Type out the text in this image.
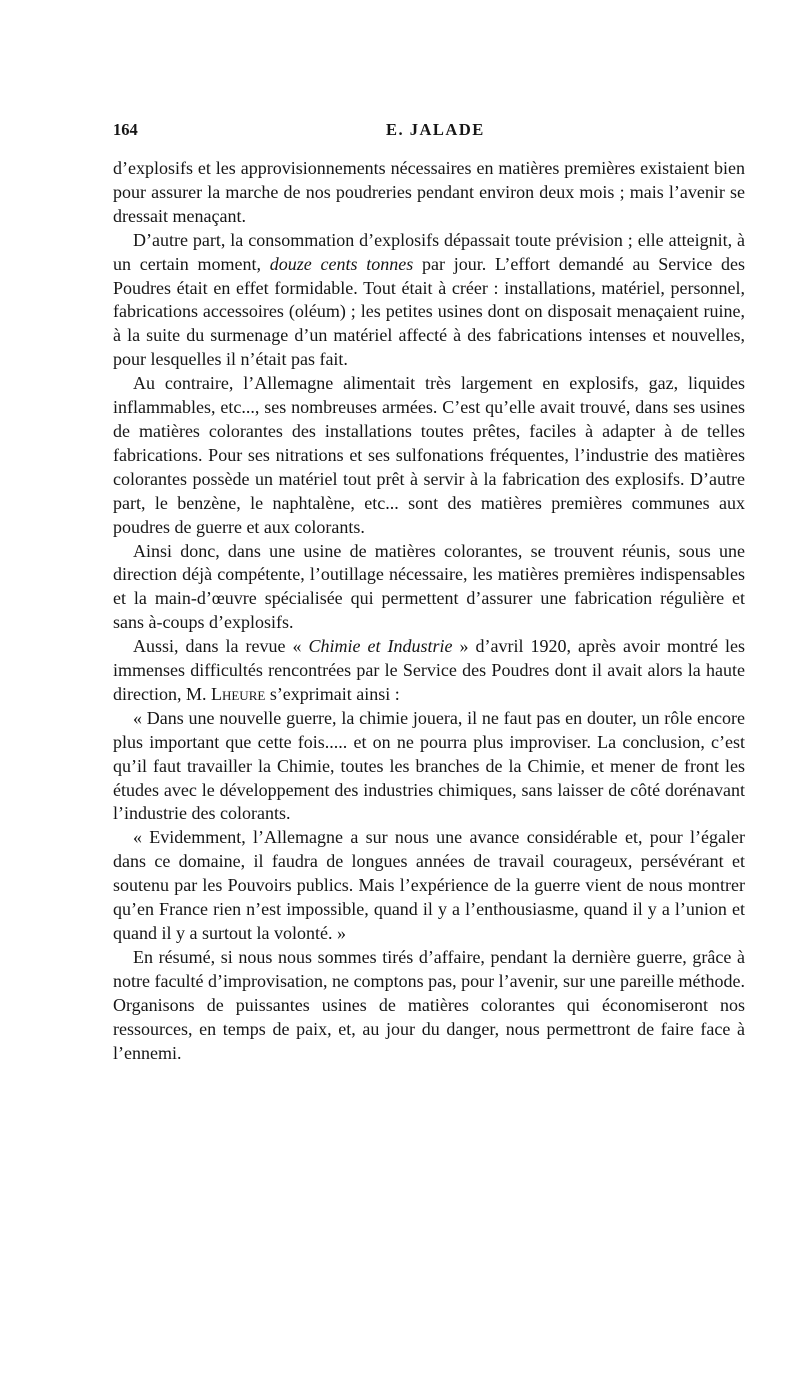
164	E. JALADE

d’explosifs et les approvisionnements nécessaires en matières premières existaient bien pour assurer la marche de nos poudreries pendant environ deux mois ; mais l’avenir se dressait menaçant.

D’autre part, la consommation d’explosifs dépassait toute prévision ; elle atteignit, à un certain moment, douze cents tonnes par jour. L’effort demandé au Service des Poudres était en effet formidable. Tout était à créer : installations, matériel, personnel, fabrications accessoires (oléum) ; les petites usines dont on disposait menaçaient ruine, à la suite du surmenage d’un matériel affecté à des fabrications intenses et nouvelles, pour lesquelles il n’était pas fait.

Au contraire, l’Allemagne alimentait très largement en explosifs, gaz, liquides inflammables, etc..., ses nombreuses armées. C’est qu’elle avait trouvé, dans ses usines de matières colorantes des installations toutes prêtes, faciles à adapter à de telles fabrications. Pour ses nitrations et ses sulfonations fréquentes, l’industrie des matières colorantes possède un matériel tout prêt à servir à la fabrication des explosifs. D’autre part, le benzène, le naphtalène, etc... sont des matières premières communes aux poudres de guerre et aux colorants.

Ainsi donc, dans une usine de matières colorantes, se trouvent réunis, sous une direction déjà compétente, l’outillage nécessaire, les matières premières indispensables et la main-d’œuvre spécialisée qui permettent d’assurer une fabrication régulière et sans à-coups d’explosifs.

Aussi, dans la revue « Chimie et Industrie » d’avril 1920, après avoir montré les immenses difficultés rencontrées par le Service des Poudres dont il avait alors la haute direction, M. Lheure s’exprimait ainsi :

« Dans une nouvelle guerre, la chimie jouera, il ne faut pas en douter, un rôle encore plus important que cette fois..... et on ne pourra plus improviser. La conclusion, c’est qu’il faut travailler la Chimie, toutes les branches de la Chimie, et mener de front les études avec le développement des industries chimiques, sans laisser de côté dorénavant l’industrie des colorants.

« Evidemment, l’Allemagne a sur nous une avance considérable et, pour l’égaler dans ce domaine, il faudra de longues années de travail courageux, persévérant et soutenu par les Pouvoirs publics. Mais l’expérience de la guerre vient de nous montrer qu’en France rien n’est impossible, quand il y a l’enthousiasme, quand il y a l’union et quand il y a surtout la volonté. »

En résumé, si nous nous sommes tirés d’affaire, pendant la dernière guerre, grâce à notre faculté d’improvisation, ne comptons pas, pour l’avenir, sur une pareille méthode. Organisons de puissantes usines de matières colorantes qui économiseront nos ressources, en temps de paix, et, au jour du danger, nous permettront de faire face à l’ennemi.
